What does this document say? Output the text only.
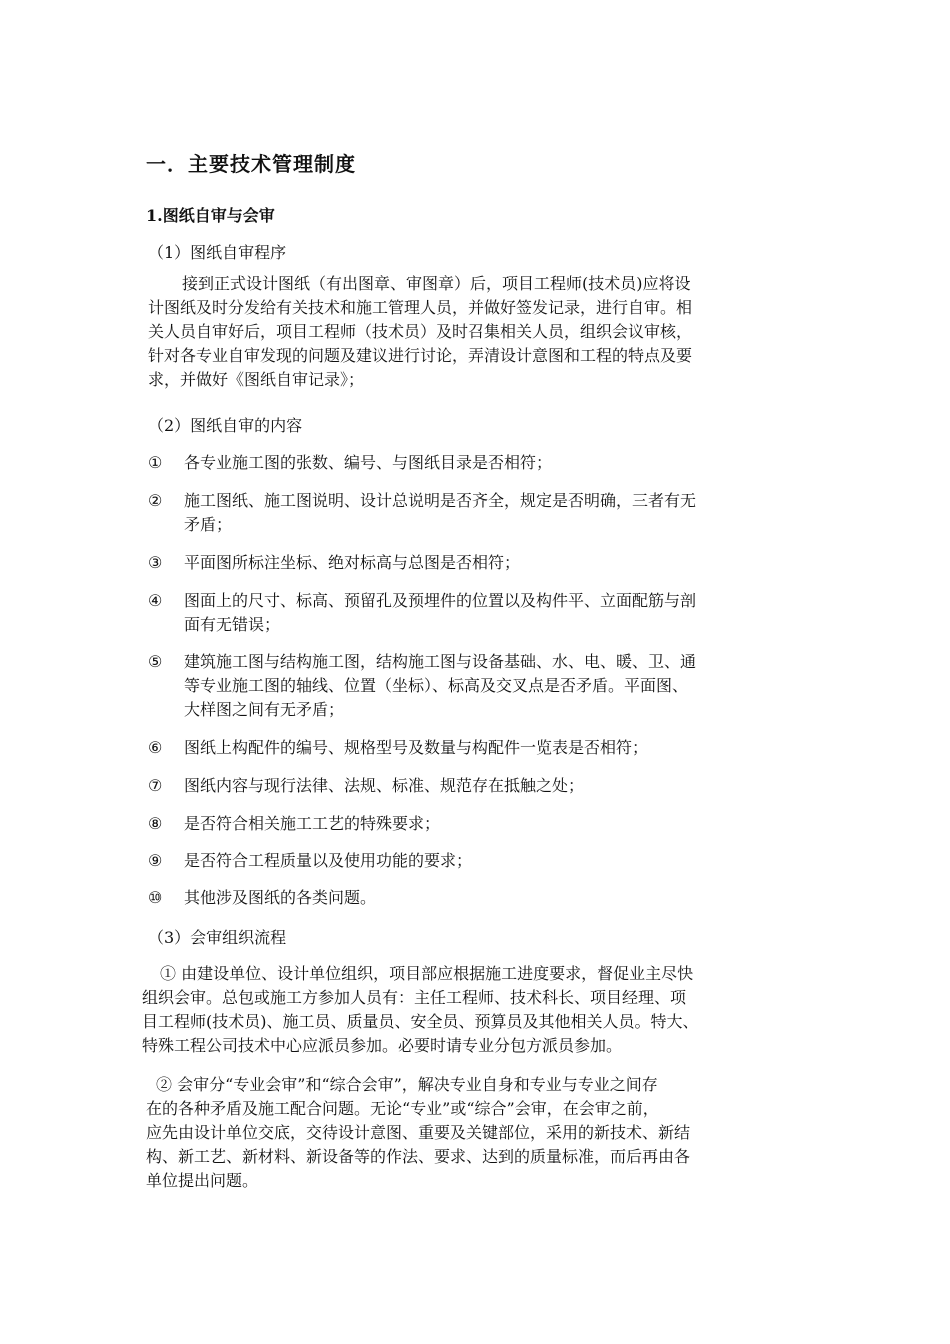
一．主要技术管理制度
1.图纸自审与会审
（1）图纸自审程序
接到正式设计图纸（有出图章、审图章）后，项目工程师(技术员)应将设
计图纸及时分发给有关技术和施工管理人员，并做好签发记录，进行自审。相
关人员自审好后，项目工程师（技术员）及时召集相关人员，组织会议审核，
针对各专业自审发现的问题及建议进行讨论，弄清设计意图和工程的特点及要
求，并做好《图纸自审记录》；
（2）图纸自审的内容
①	各专业施工图的张数、编号、与图纸目录是否相符；
②	施工图纸、施工图说明、设计总说明是否齐全，规定是否明确，三者有无
矛盾；
③	平面图所标注坐标、绝对标高与总图是否相符；
④	图面上的尺寸、标高、预留孔及预埋件的位置以及构件平、立面配筋与剖
面有无错误；
⑤	建筑施工图与结构施工图，结构施工图与设备基础、水、电、暖、卫、通
等专业施工图的轴线、位置（坐标）、标高及交叉点是否矛盾。平面图、
大样图之间有无矛盾；
⑥	图纸上构配件的编号、规格型号及数量与构配件一览表是否相符；
⑦	图纸内容与现行法律、法规、标准、规范存在抵触之处；
⑧	是否符合相关施工工艺的特殊要求；
⑨	是否符合工程质量以及使用功能的要求；
⑩	其他涉及图纸的各类问题。
（3）会审组织流程
① 由建设单位、设计单位组织，项目部应根据施工进度要求，督促业主尽快
组织会审。总包或施工方参加人员有：主任工程师、技术科长、项目经理、项
目工程师(技术员)、施工员、质量员、安全员、预算员及其他相关人员。特大、
特殊工程公司技术中心应派员参加。必要时请专业分包方派员参加。
② 会审分“专业会审”和“综合会审”，解决专业自身和专业与专业之间存
在的各种矛盾及施工配合问题。无论“专业”或“综合”会审，在会审之前，
应先由设计单位交底，交待设计意图、重要及关键部位，采用的新技术、新结
构、新工艺、新材料、新设备等的作法、要求、达到的质量标准，而后再由各
单位提出问题。
